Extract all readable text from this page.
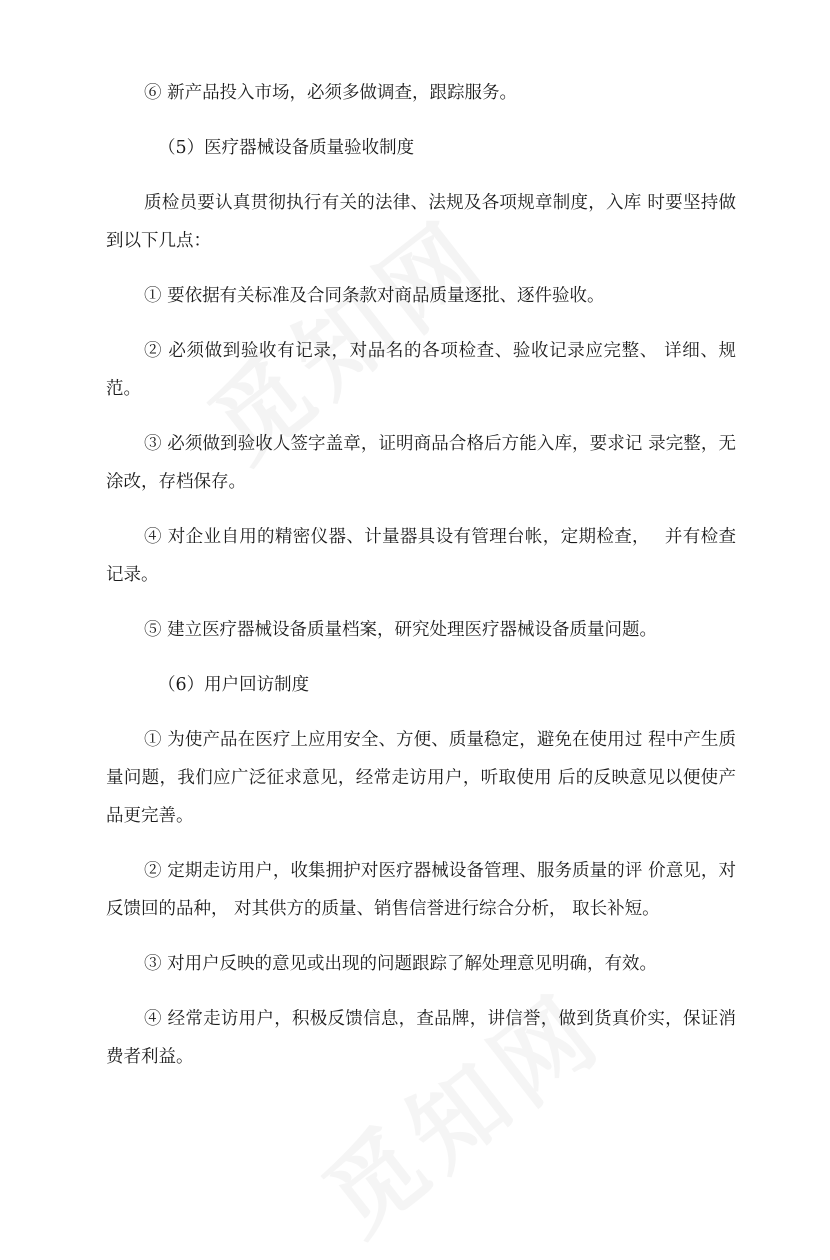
⑥ 新产品投入市场，必须多做调查，跟踪服务。

（5）医疗器械设备质量验收制度

质检员要认真贯彻执行有关的法律、法规及各项规章制度，入库 时要坚持做到以下几点：

① 要依据有关标准及合同条款对商品质量逐批、逐件验收。

② 必须做到验收有记录，对品名的各项检查、验收记录应完整、 详细、规范。

③ 必须做到验收人签字盖章，证明商品合格后方能入库，要求记 录完整，无涂改，存档保存。

④ 对企业自用的精密仪器、计量器具设有管理台帐，定期检查，　 并有检查记录。

⑤ 建立医疗器械设备质量档案，研究处理医疗器械设备质量问题。

（6）用户回访制度

① 为使产品在医疗上应用安全、方便、质量稳定，避免在使用过 程中产生质量问题，我们应广泛征求意见，经常走访用户，听取使用 后的反映意见以便使产品更完善。

② 定期走访用户，收集拥护对医疗器械设备管理、服务质量的评 价意见，对反馈回的品种， 对其供方的质量、销售信誉进行综合分析， 取长补短。

③ 对用户反映的意见或出现的问题跟踪了解处理意见明确，有效。

④ 经常走访用户，积极反馈信息，查品牌，讲信誉，做到货真价实，保证消费者利益。
